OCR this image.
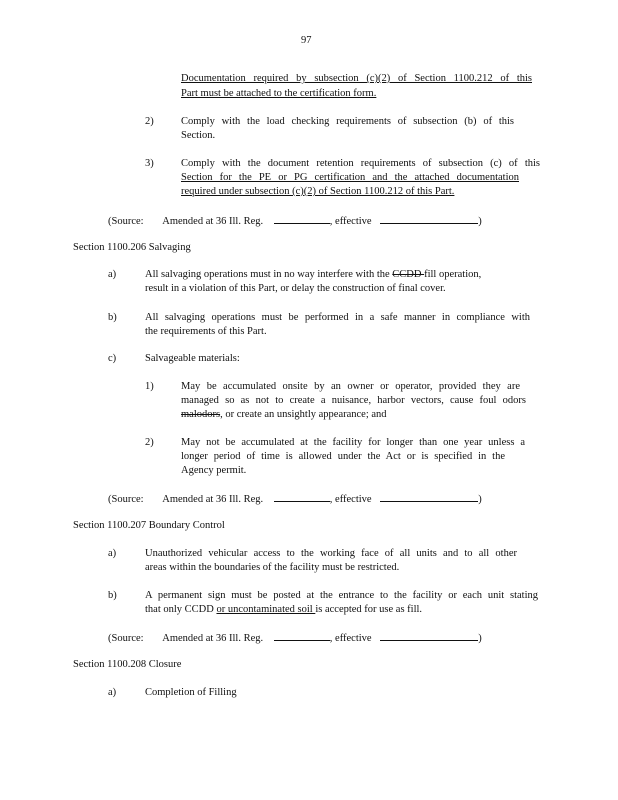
97
Documentation required by subsection (c)(2) of Section 1100.212 of this
Part must be attached to the certification form.
2)	Comply with the load checking requirements of subsection (b) of this
Section.
3)	Comply with the document retention requirements of subsection (c) of this
Section for the PE or PG certification and the attached documentation
required under subsection (c)(2) of Section 1100.212 of this Part.
(Source: Amended at 36 Ill. Reg.	, effective	)
Section 1100.206 Salvaging
a)	All salvaging operations must in no way interfere with the CCDD fill operation,
result in a violation of this Part, or delay the construction of final cover.
b)	All salvaging operations must be performed in a safe manner in compliance with
the requirements of this Part.
c)	Salvageable materials:
1)	May be accumulated onsite by an owner or operator, provided they are
managed so as not to create a nuisance, harbor vectors, cause foul odors
malodors, or create an unsightly appearance; and
2)	May not be accumulated at the facility for longer than one year unless a
longer period of time is allowed under the Act or is specified in the
Agency permit.
(Source: Amended at 36 Ill. Reg.	, effective	)
Section 1100.207 Boundary Control
a)	Unauthorized vehicular access to the working face of all units and to all other
areas within the boundaries of the facility must be restricted.
b)	A permanent sign must be posted at the entrance to the facility or each unit stating
that only CCDD or uncontaminated soil is accepted for use as fill.
(Source: Amended at 36 Ill. Reg.	, effective	)
Section 1100.208 Closure
a)	Completion of Filling
